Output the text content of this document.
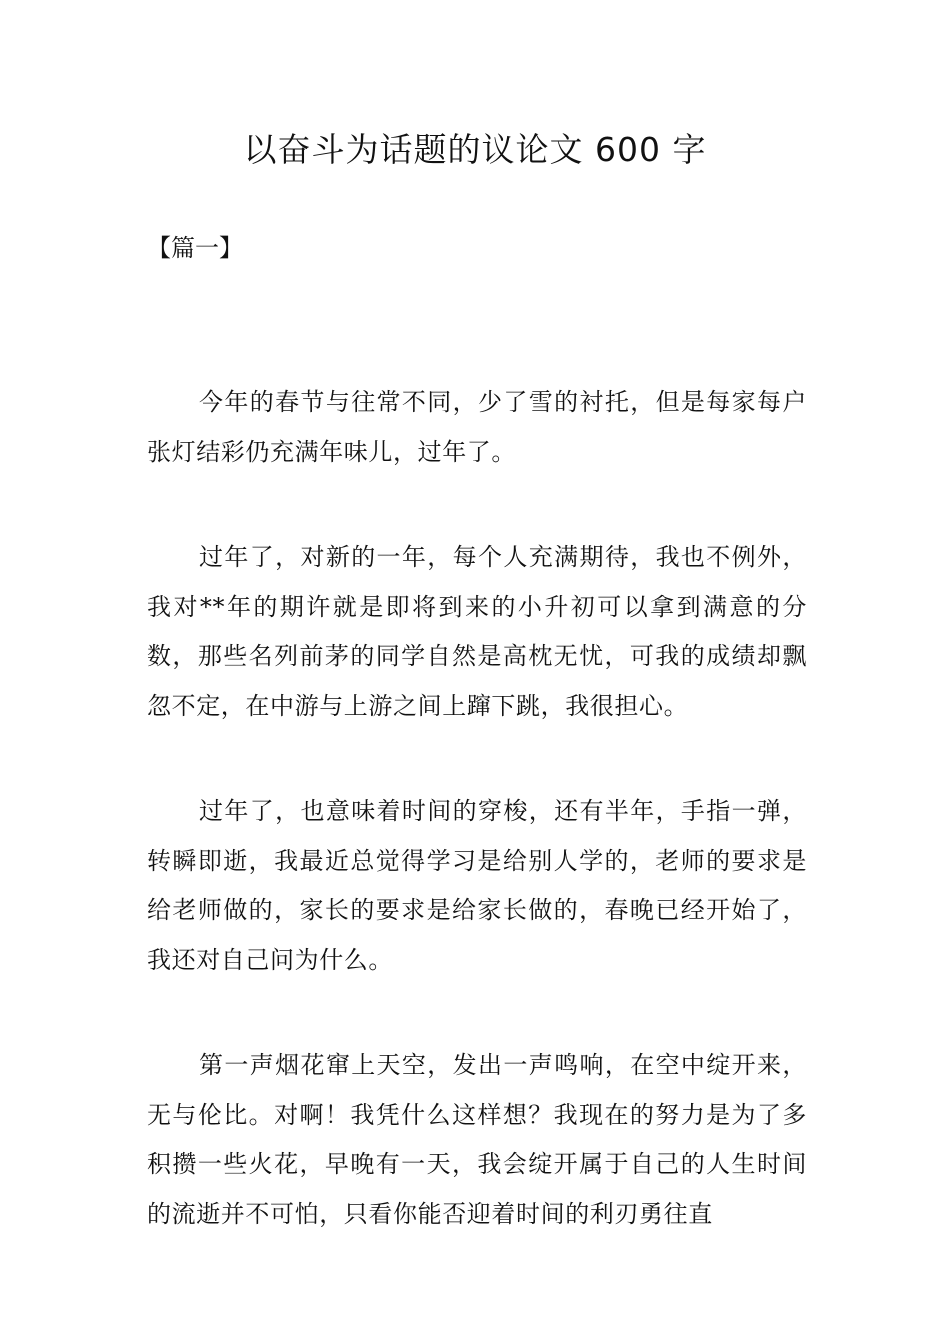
以奋斗为话题的议论文 600 字

【篇一】

今年的春节与往常不同，少了雪的衬托，但是每家每户张灯结彩仍充满年味儿，过年了。

过年了，对新的一年，每个人充满期待，我也不例外，我对**年的期许就是即将到来的小升初可以拿到满意的分数，那些名列前茅的同学自然是高枕无忧，可我的成绩却飘忽不定，在中游与上游之间上蹿下跳，我很担心。

过年了，也意味着时间的穿梭，还有半年，手指一弹，转瞬即逝，我最近总觉得学习是给别人学的，老师的要求是给老师做的，家长的要求是给家长做的，春晚已经开始了，我还对自己问为什么。

第一声烟花窜上天空，发出一声鸣响，在空中绽开来，无与伦比。对啊！我凭什么这样想？我现在的努力是为了多积攒一些火花，早晚有一天，我会绽开属于自己的人生时间的流逝并不可怕，只看你能否迎着时间的利刃勇往直
